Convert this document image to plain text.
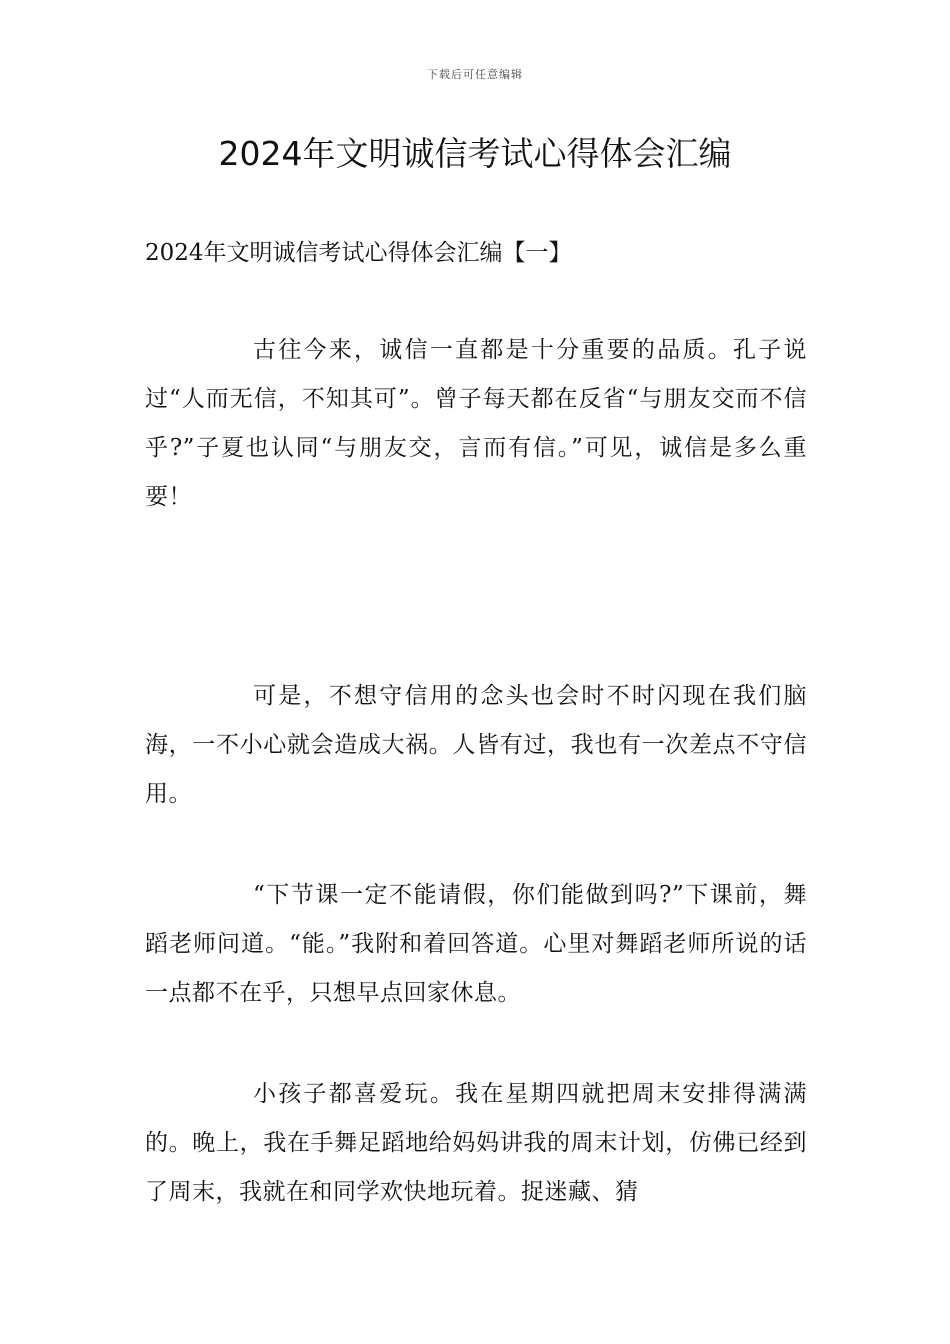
下载后可任意编辑
2024年文明诚信考试心得体会汇编
2024年文明诚信考试心得体会汇编【一】

古往今来，诚信一直都是十分重要的品质。孔子说过“人而无信，不知其可”。曾子每天都在反省“与朋友交而不信乎?”子夏也认同“与朋友交，言而有信。”可见，诚信是多么重要！

可是，不想守信用的念头也会时不时闪现在我们脑海，一不小心就会造成大祸。人皆有过，我也有一次差点不守信用。

“下节课一定不能请假，你们能做到吗?”下课前，舞蹈老师问道。“能。”我附和着回答道。心里对舞蹈老师所说的话一点都不在乎，只想早点回家休息。

小孩子都喜爱玩。我在星期四就把周末安排得满满的。晚上，我在手舞足蹈地给妈妈讲我的周末计划，仿佛已经到了周末，我就在和同学欢快地玩着。捉迷藏、猜
